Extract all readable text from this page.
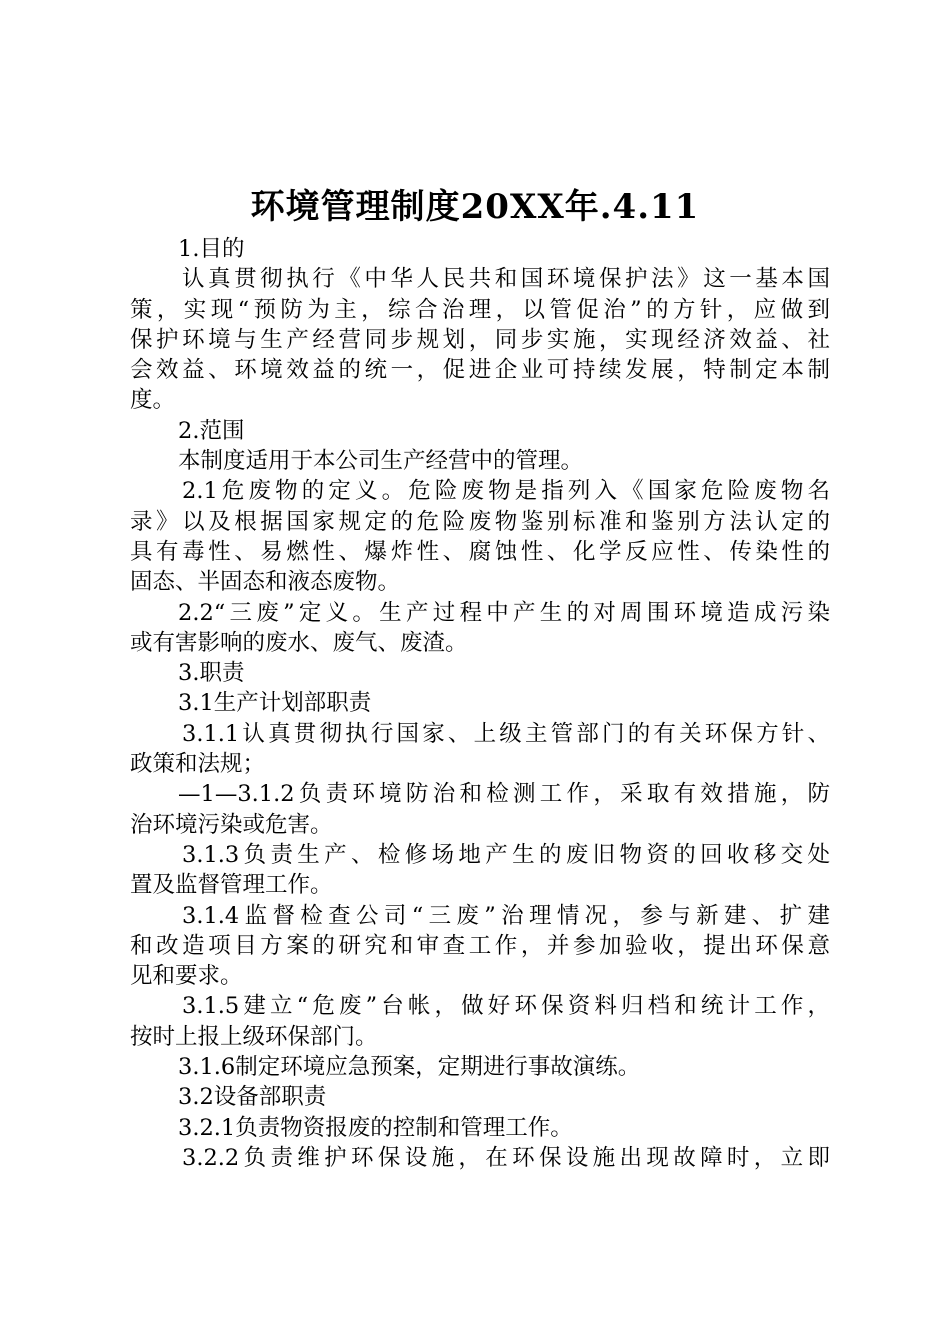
环境管理制度20XX年.4.11
1.目的
认真贯彻执行《中华人民共和国环境保护法》这一基本国
策，实现“预防为主，综合治理，以管促治”的方针，应做到
保护环境与生产经营同步规划，同步实施，实现经济效益、社
会效益、环境效益的统一，促进企业可持续发展，特制定本制
度。
2.范围
本制度适用于本公司生产经营中的管理。
2.1危废物的定义。危险废物是指列入《国家危险废物名
录》以及根据国家规定的危险废物鉴别标准和鉴别方法认定的
具有毒性、易燃性、爆炸性、腐蚀性、化学反应性、传染性的
固态、半固态和液态废物。
2.2“三废”定义。生产过程中产生的对周围环境造成污染
或有害影响的废水、废气、废渣。
3.职责
3.1生产计划部职责
3.1.1认真贯彻执行国家、上级主管部门的有关环保方针、
政策和法规；
—1—3.1.2负责环境防治和检测工作，采取有效措施，防
治环境污染或危害。
3.1.3负责生产、检修场地产生的废旧物资的回收移交处
置及监督管理工作。
3.1.4监督检查公司“三废”治理情况，参与新建、扩建
和改造项目方案的研究和审查工作，并参加验收，提出环保意
见和要求。
3.1.5建立“危废”台帐，做好环保资料归档和统计工作，
按时上报上级环保部门。
3.1.6制定环境应急预案，定期进行事故演练。
3.2设备部职责
3.2.1负责物资报废的控制和管理工作。
3.2.2负责维护环保设施，在环保设施出现故障时，立即
